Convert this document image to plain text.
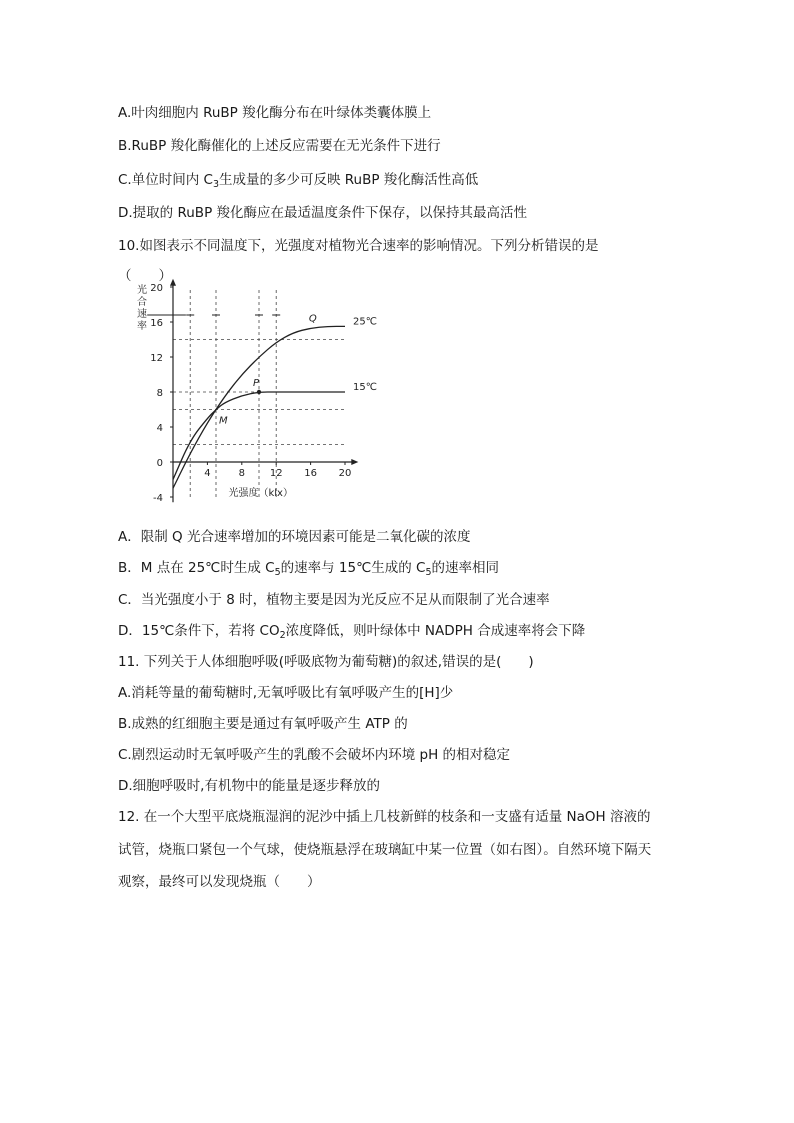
A.叶肉细胞内 RuBP 羧化酶分布在叶绿体类囊体膜上
B.RuBP 羧化酶催化的上述反应需要在无光条件下进行
C.单位时间内 $C_3$生成量的多少可反映 RuBP 羧化酶活性高低
D.提取的 RuBP 羧化酶应在最适温度条件下保存，以保持其最高活性
10.如图表示不同温度下，光强度对植物光合速率的影响情况。下列分析错误的是
（　　）
4	8 12 16 20
-4
0
4
8
12
16
20
25℃
15℃
Q
P
M
光
合
速
率
光强度（klx）
A．限制 Q 光合速率增加的环境因素可能是二氧化碳的浓度
B．M 点在 25℃时生成 $C_5$的速率与 15℃生成的 $C_5$的速率相同
C．当光强度小于 8 时，植物主要是因为光反应不足从而限制了光合速率
D．15℃条件下，若将 $CO_2$浓度降低，则叶绿体中 NADPH 合成速率将会下降
11. 下列关于人体细胞呼吸(呼吸底物为葡萄糖)的叙述,错误的是(　　)
A.消耗等量的葡萄糖时,无氧呼吸比有氧呼吸产生的[H]少
B.成熟的红细胞主要是通过有氧呼吸产生 ATP 的
C.剧烈运动时无氧呼吸产生的乳酸不会破坏内环境 pH 的相对稳定
D.细胞呼吸时,有机物中的能量是逐步释放的
12. 在一个大型平底烧瓶湿润的泥沙中插上几枝新鲜的枝条和一支盛有适量 NaOH 溶液的
试管，烧瓶口紧包一个气球，使烧瓶悬浮在玻璃缸中某一位置（如右图）。自然环境下隔天
观察，最终可以发现烧瓶（　　）
